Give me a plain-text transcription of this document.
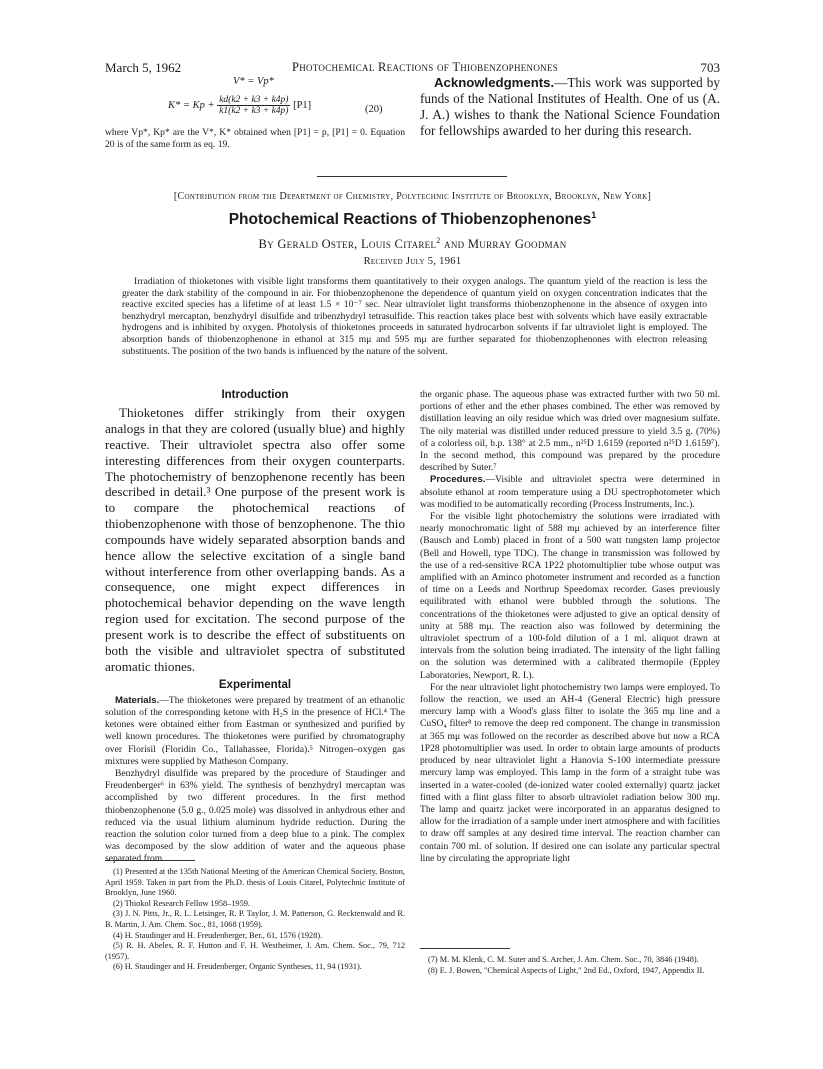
March 5, 1962	Photochemical Reactions of Thiobenzophenones	703
V* = Vp*
$K* = Kp + \frac{kd(k2 + k3 + k4p)}{k1(k2 + k3 + k4p)} [P1]$	(20)

where Vp*, Kp* are the V*, K* obtained when [P1] = p, [P1] = 0. Equation 20 is of the same form as eq. 19.

Acknowledgments.—This work was supported by funds of the National Institutes of Health. One of us (A. J. A.) wishes to thank the National Science Foundation for fellowships awarded to her during this research.

[Contribution from the Department of Chemistry, Polytechnic Institute of Brooklyn, Brooklyn, New York]
Photochemical Reactions of Thiobenzophenones$^1$
By Gerald Oster, Louis Citarel$^2$ and Murray Goodman
Received July 5, 1961

Irradiation of thioketones with visible light transforms them quantitatively to their oxygen analogs. The quantum yield of the reaction is less the greater the dark stability of the compound in air. For thiobenzophenone the dependence of quantum yield on oxygen concentration indicates that the reactive excited species has a lifetime of at least 1.5 × 10⁻⁷ sec. Near ultraviolet light transforms thiobenzophenone in the absence of oxygen into benzhydryl mercaptan, benzhydryl disulfide and tribenzhydryl tetrasulfide. This reaction takes place best with solvents which have easily extractable hydrogens and is inhibited by oxygen. Photolysis of thioketones proceeds in saturated hydrocarbon solvents if far ultraviolet light is employed. The absorption bands of thiobenzophenone in ethanol at 315 mμ and 595 mμ are further separated for thiobenzophenones with electron releasing substituents. The position of the two bands is influenced by the nature of the solvent.

Introduction

Thioketones differ strikingly from their oxygen analogs in that they are colored (usually blue) and highly reactive. Their ultraviolet spectra also offer some interesting differences from their oxygen counterparts. The photochemistry of benzophenone recently has been described in detail.³ One purpose of the present work is to compare the photochemical reactions of thiobenzophenone with those of benzophenone. The thio compounds have widely separated absorption bands and hence allow the selective excitation of a single band without interference from other overlapping bands. As a consequence, one might expect differences in photochemical behavior depending on the wave length region used for excitation. The second purpose of the present work is to describe the effect of substituents on both the visible and ultraviolet spectra of substituted aromatic thiones.

Experimental

Materials.—The thioketones were prepared by treatment of an ethanolic solution of the corresponding ketone with H₂S in the presence of HCl.⁴ The ketones were obtained either from Eastman or synthesized and purified by well known procedures. The thioketones were purified by chromatography over Florisil (Floridin Co., Tallahassee, Florida).⁵ Nitrogen–oxygen gas mixtures were supplied by Matheson Company.

Benzhydryl disulfide was prepared by the procedure of Staudinger and Freudenberger⁶ in 63% yield. The synthesis of benzhydryl mercaptan was accomplished by two different procedures. In the first method thiobenzophenone (5.0 g., 0.025 mole) was dissolved in anhydrous ether and reduced via the usual lithium aluminum hydride reduction. During the reaction the solution color turned from a deep blue to a pink. The complex was decomposed by the slow addition of water and the aqueous phase separated from

(1) Presented at the 135th National Meeting of the American Chemical Society, Boston, April 1959. Taken in part from the Ph.D. thesis of Louis Citarel, Polytechnic Institute of Brooklyn, June 1960.

(2) Thiokol Research Fellow 1958–1959.

(3) J. N. Pitts, Jr., R. L. Letsinger, R. P. Taylor, J. M. Patterson, G. Recktenwald and R. B. Martin, J. Am. Chem. Soc., 81, 1068 (1959).

(4) H. Staudinger and H. Freudenberger, Ber., 61, 1576 (1928).

(5) R. H. Abeles, R. F. Hutton and F. H. Westheimer, J. Am. Chem. Soc., 79, 712 (1957).

(6) H. Staudinger and H. Freudenberger, Organic Syntheses, 11, 94 (1931).

the organic phase. The aqueous phase was extracted further with two 50 ml. portions of ether and the ether phases combined. The ether was removed by distillation leaving an oily residue which was dried over magnesium sulfate. The oily material was distilled under reduced pressure to yield 3.5 g. (70%) of a colorless oil, b.p. 138° at 2.5 mm., n²⁵D 1.6159 (reported n²⁵D 1.6159⁷). In the second method, this compound was prepared by the procedure described by Suter.⁷

Procedures.—Visible and ultraviolet spectra were determined in absolute ethanol at room temperature using a DU spectrophotometer which was modified to be automatically recording (Process Instruments, Inc.).

For the visible light photochemistry the solutions were irradiated with nearly monochromatic light of 588 mμ achieved by an interference filter (Bausch and Lomb) placed in front of a 500 watt tungsten lamp projector (Bell and Howell, type TDC). The change in transmission was followed by the use of a red-sensitive RCA 1P22 photomultiplier tube whose output was amplified with an Aminco photometer instrument and recorded as a function of time on a Leeds and Northrup Speedomax recorder. Gases previously equilibrated with ethanol were bubbled through the solutions. The concentrations of the thioketones were adjusted to give an optical density of unity at 588 mμ. The reaction also was followed by determining the ultraviolet spectrum of a 100-fold dilution of a 1 ml. aliquot drawn at intervals from the solution being irradiated. The intensity of the light falling on the solution was determined with a calibrated thermopile (Eppley Laboratories, Newport, R. I.).

For the near ultraviolet light photochemistry two lamps were employed. To follow the reaction, we used an AH-4 (General Electric) high pressure mercury lamp with a Wood's glass filter to isolate the 365 mμ line and a CuSO₄ filter⁸ to remove the deep red component. The change in transmission at 365 mμ was followed on the recorder as described above but now a RCA 1P28 photomultiplier was used. In order to obtain large amounts of products produced by near ultraviolet light a Hanovia S-100 intermediate pressure mercury lamp was employed. This lamp in the form of a straight tube was inserted in a water-cooled (de-ionized water cooled externally) quartz jacket fitted with a flint glass filter to absorb ultraviolet radiation below 300 mμ. The lamp and quartz jacket were incorporated in an apparatus designed to allow for the irradiation of a sample under inert atmosphere and with facilities to draw off samples at any desired time interval. The reaction chamber can contain 700 ml. of solution. If desired one can isolate any particular spectral line by circulating the appropriate light

(7) M. M. Klenk, C. M. Suter and S. Archer, J. Am. Chem. Soc., 70, 3846 (1948).

(8) E. J. Bowen, "Chemical Aspects of Light," 2nd Ed., Oxford, 1947, Appendix II.
